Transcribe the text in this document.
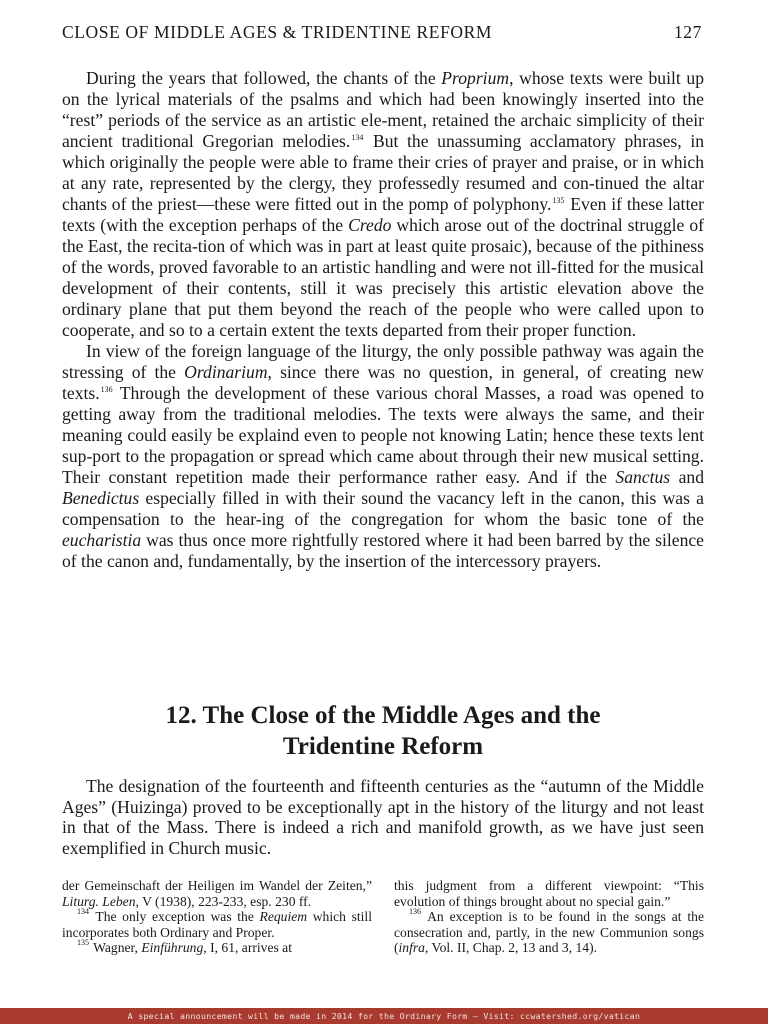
CLOSE OF MIDDLE AGES & TRIDENTINE REFORM	127

During the years that followed, the chants of the Proprium, whose texts were built up on the lyrical materials of the psalms and which had been knowingly inserted into the “rest” periods of the service as an artistic ele-ment, retained the archaic simplicity of their ancient traditional Gregorian melodies.$^{134}$ But the unassuming acclamatory phrases, in which originally the people were able to frame their cries of prayer and praise, or in which at any rate, represented by the clergy, they professedly resumed and con-tinued the altar chants of the priest—these were fitted out in the pomp of polyphony.$^{135}$ Even if these latter texts (with the exception perhaps of the Credo which arose out of the doctrinal struggle of the East, the recita-tion of which was in part at least quite prosaic), because of the pithiness of the words, proved favorable to an artistic handling and were not ill-fitted for the musical development of their contents, still it was precisely this artistic elevation above the ordinary plane that put them beyond the reach of the people who were called upon to cooperate, and so to a certain extent the texts departed from their proper function.

In view of the foreign language of the liturgy, the only possible pathway was again the stressing of the Ordinarium, since there was no question, in general, of creating new texts.$^{136}$ Through the development of these various choral Masses, a road was opened to getting away from the traditional melodies. The texts were always the same, and their meaning could easily be explaind even to people not knowing Latin; hence these texts lent sup-port to the propagation or spread which came about through their new musical setting. Their constant repetition made their performance rather easy. And if the Sanctus and Benedictus especially filled in with their sound the vacancy left in the canon, this was a compensation to the hear-ing of the congregation for whom the basic tone of the eucharistia was thus once more rightfully restored where it had been barred by the silence of the canon and, fundamentally, by the insertion of the intercessory prayers.

12. The Close of the Middle Ages and the
Tridentine Reform

The designation of the fourteenth and fifteenth centuries as the “autumn of the Middle Ages” (Huizinga) proved to be exceptionally apt in the history of the liturgy and not least in that of the Mass. There is indeed a rich and manifold growth, as we have just seen exemplified in Church music.

der Gemeinschaft der Heiligen im Wandel der Zeiten,” Liturg. Leben, V (1938), 223-233, esp. 230 ff.

$^{134}$ The only exception was the Requiem which still incorporates both Ordinary and Proper.

$^{135}$ Wagner, Einführung, I, 61, arrives at

this judgment from a different viewpoint: “This evolution of things brought about no special gain.”

$^{136}$ An exception is to be found in the songs at the consecration and, partly, in the new Communion songs (infra, Vol. II, Chap. 2, 13 and 3, 14).

A special announcement will be made in 2014 for the Ordinary Form — Visit: ccwatershed.org/vatican
